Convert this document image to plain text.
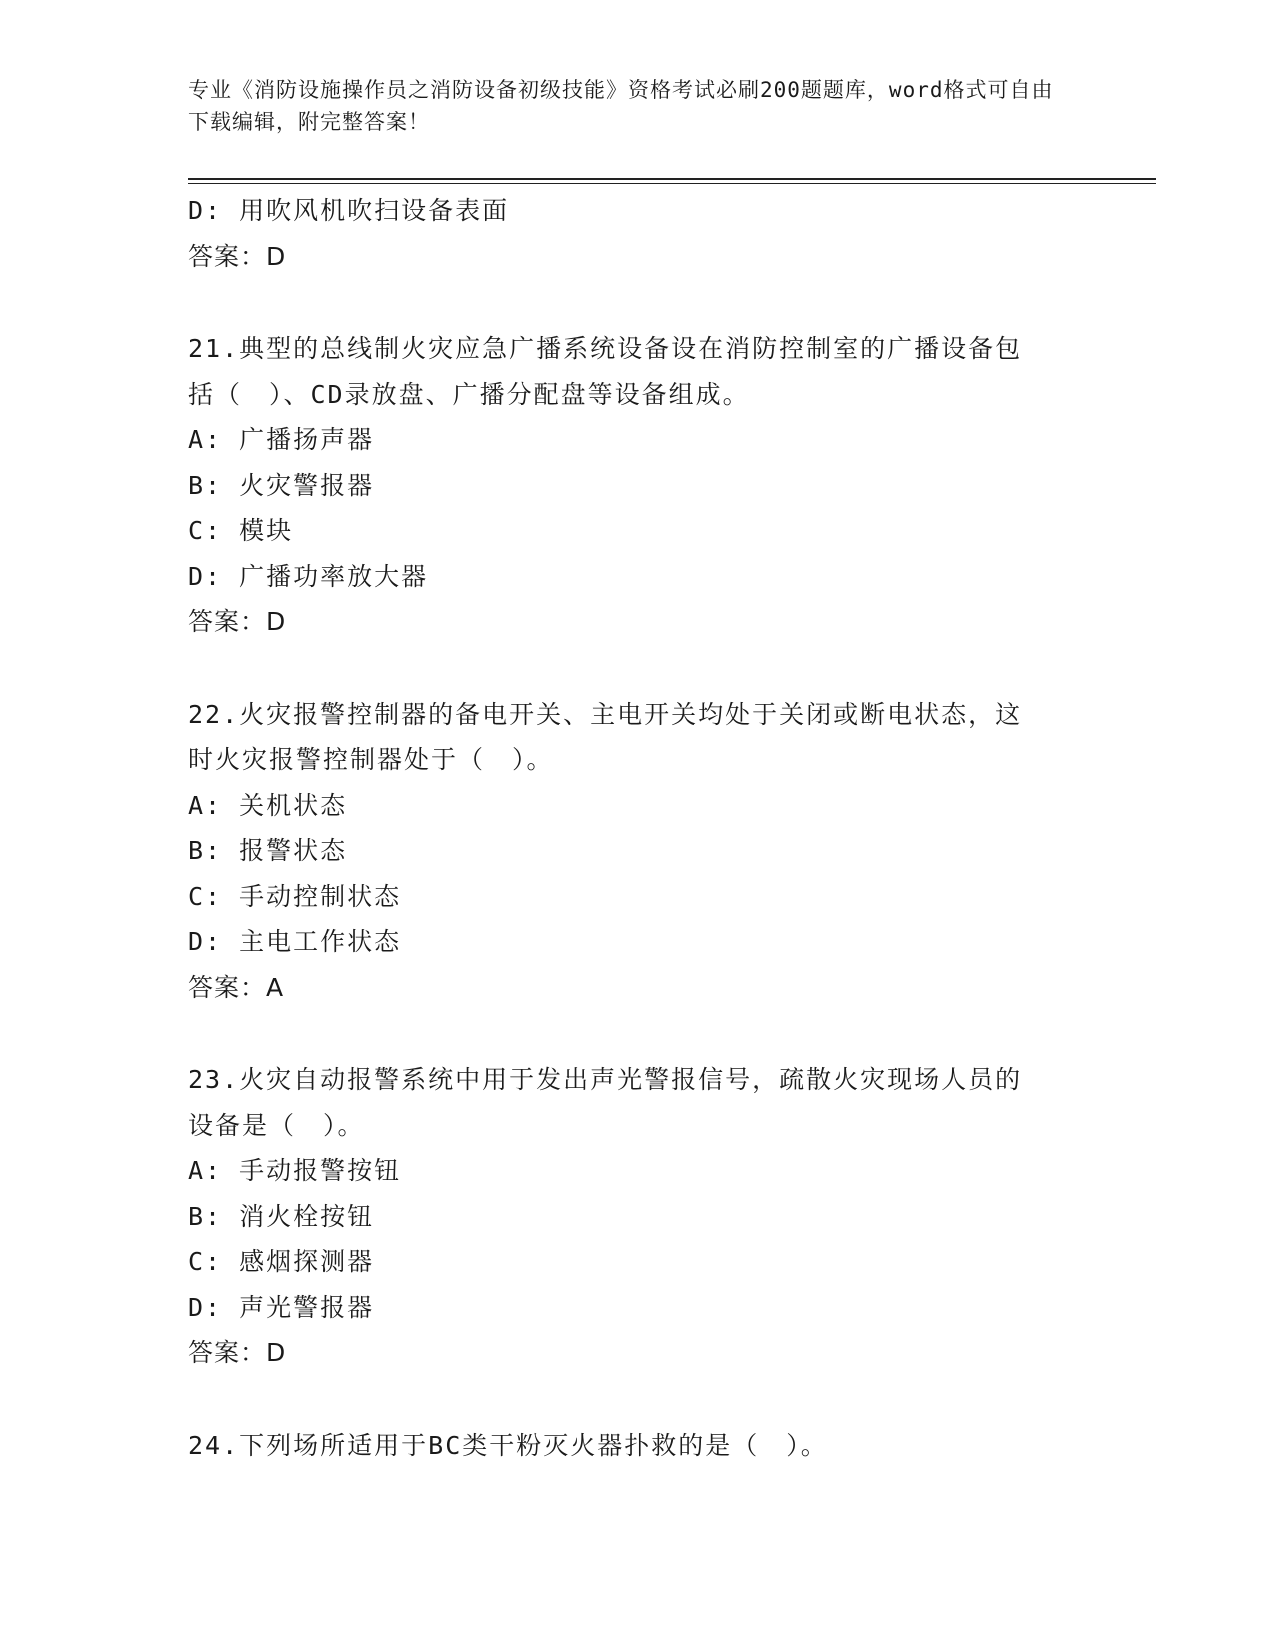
专业《消防设施操作员之消防设备初级技能》资格考试必刷200题题库，word格式可自由下载编辑，附完整答案！
D: 用吹风机吹扫设备表面
答案：D
21.典型的总线制火灾应急广播系统设备设在消防控制室的广播设备包
括（　）、CD录放盘、广播分配盘等设备组成。
A: 广播扬声器
B: 火灾警报器
C: 模块
D: 广播功率放大器
答案：D
22.火灾报警控制器的备电开关、主电开关均处于关闭或断电状态，这
时火灾报警控制器处于（　）。
A: 关机状态
B: 报警状态
C: 手动控制状态
D: 主电工作状态
答案：A
23.火灾自动报警系统中用于发出声光警报信号，疏散火灾现场人员的
设备是（　）。
A: 手动报警按钮
B: 消火栓按钮
C: 感烟探测器
D: 声光警报器
答案：D
24.下列场所适用于BC类干粉灭火器扑救的是（　）。
